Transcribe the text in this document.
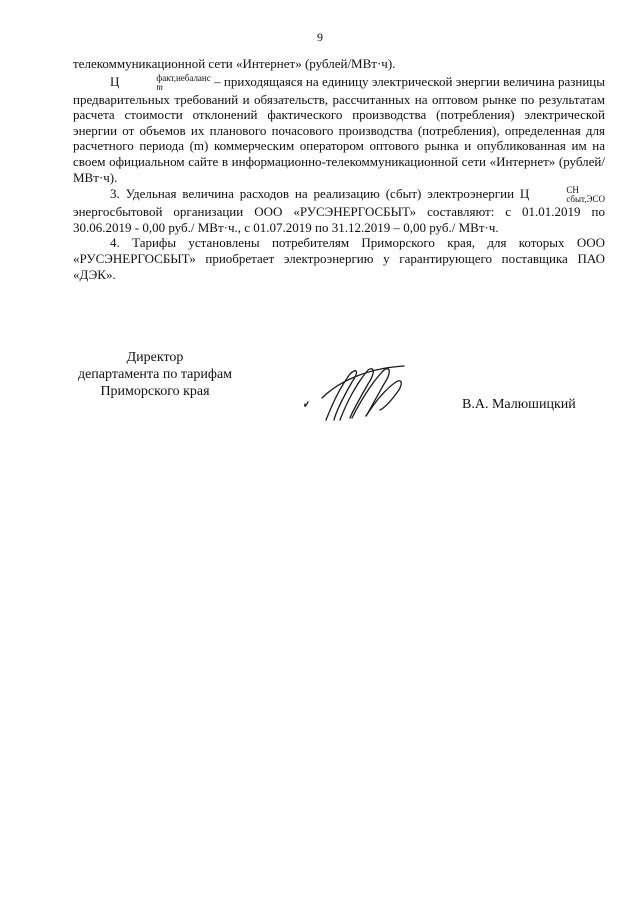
9

телекоммуникационной сети «Интернет» (рублей/МВт·ч).

Ц	факт,небаланс
m	– приходящаяся на единицу электрической энергии величина разницы предварительных требований и обязательств, рассчитанных на оптовом рынке по результатам расчета стоимости отклонений фактического производства (потребления) электрической энергии от объемов их планового почасового производства (потребления), определенная для расчетного периода (m) коммерческим оператором оптового рынка и опубликованная им на своем официальном сайте в информационно-телекоммуникационной сети «Интернет» (рублей/МВт·ч).

3. Удельная величина расходов на реализацию (сбыт) электроэнергии Ц	СН
сбыт,ЭСО
энергосбытовой организации ООО «РУСЭНЕРГОСБЫТ» составляют: с 01.01.2019 по 30.06.2019 - 0,00 руб./ МВт·ч., с 01.07.2019 по 31.12.2019 – 0,00 руб./ МВт·ч.

4. Тарифы установлены потребителям Приморского края, для которых ООО «РУСЭНЕРГОСБЫТ» приобретает электроэнергию у гарантирующего поставщика ПАО «ДЭК».

Директор
департамента по тарифам
Приморского края
В.А. Малюшицкий
